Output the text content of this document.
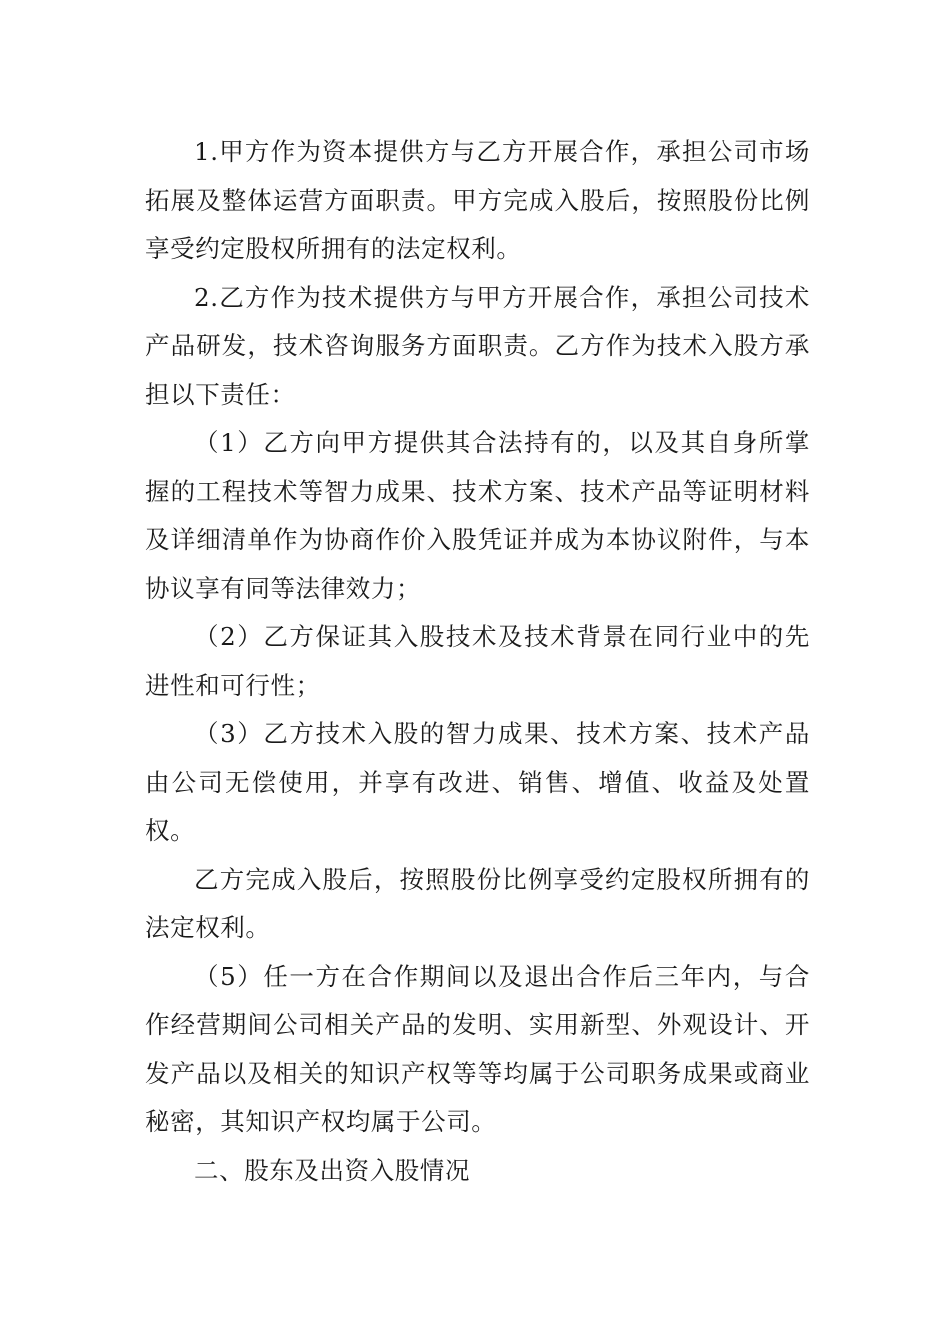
1.甲方作为资本提供方与乙方开展合作，承担公司市场拓展及整体运营方面职责。甲方完成入股后，按照股份比例享受约定股权所拥有的法定权利。

2.乙方作为技术提供方与甲方开展合作，承担公司技术产品研发，技术咨询服务方面职责。乙方作为技术入股方承担以下责任：

（1）乙方向甲方提供其合法持有的，以及其自身所掌握的工程技术等智力成果、技术方案、技术产品等证明材料及详细清单作为协商作价入股凭证并成为本协议附件，与本协议享有同等法律效力；

（2）乙方保证其入股技术及技术背景在同行业中的先进性和可行性；

（3）乙方技术入股的智力成果、技术方案、技术产品由公司无偿使用，并享有改进、销售、增值、收益及处置权。

乙方完成入股后，按照股份比例享受约定股权所拥有的法定权利。

（5）任一方在合作期间以及退出合作后三年内，与合作经营期间公司相关产品的发明、实用新型、外观设计、开发产品以及相关的知识产权等等均属于公司职务成果或商业秘密，其知识产权均属于公司。

二、股东及出资入股情况
